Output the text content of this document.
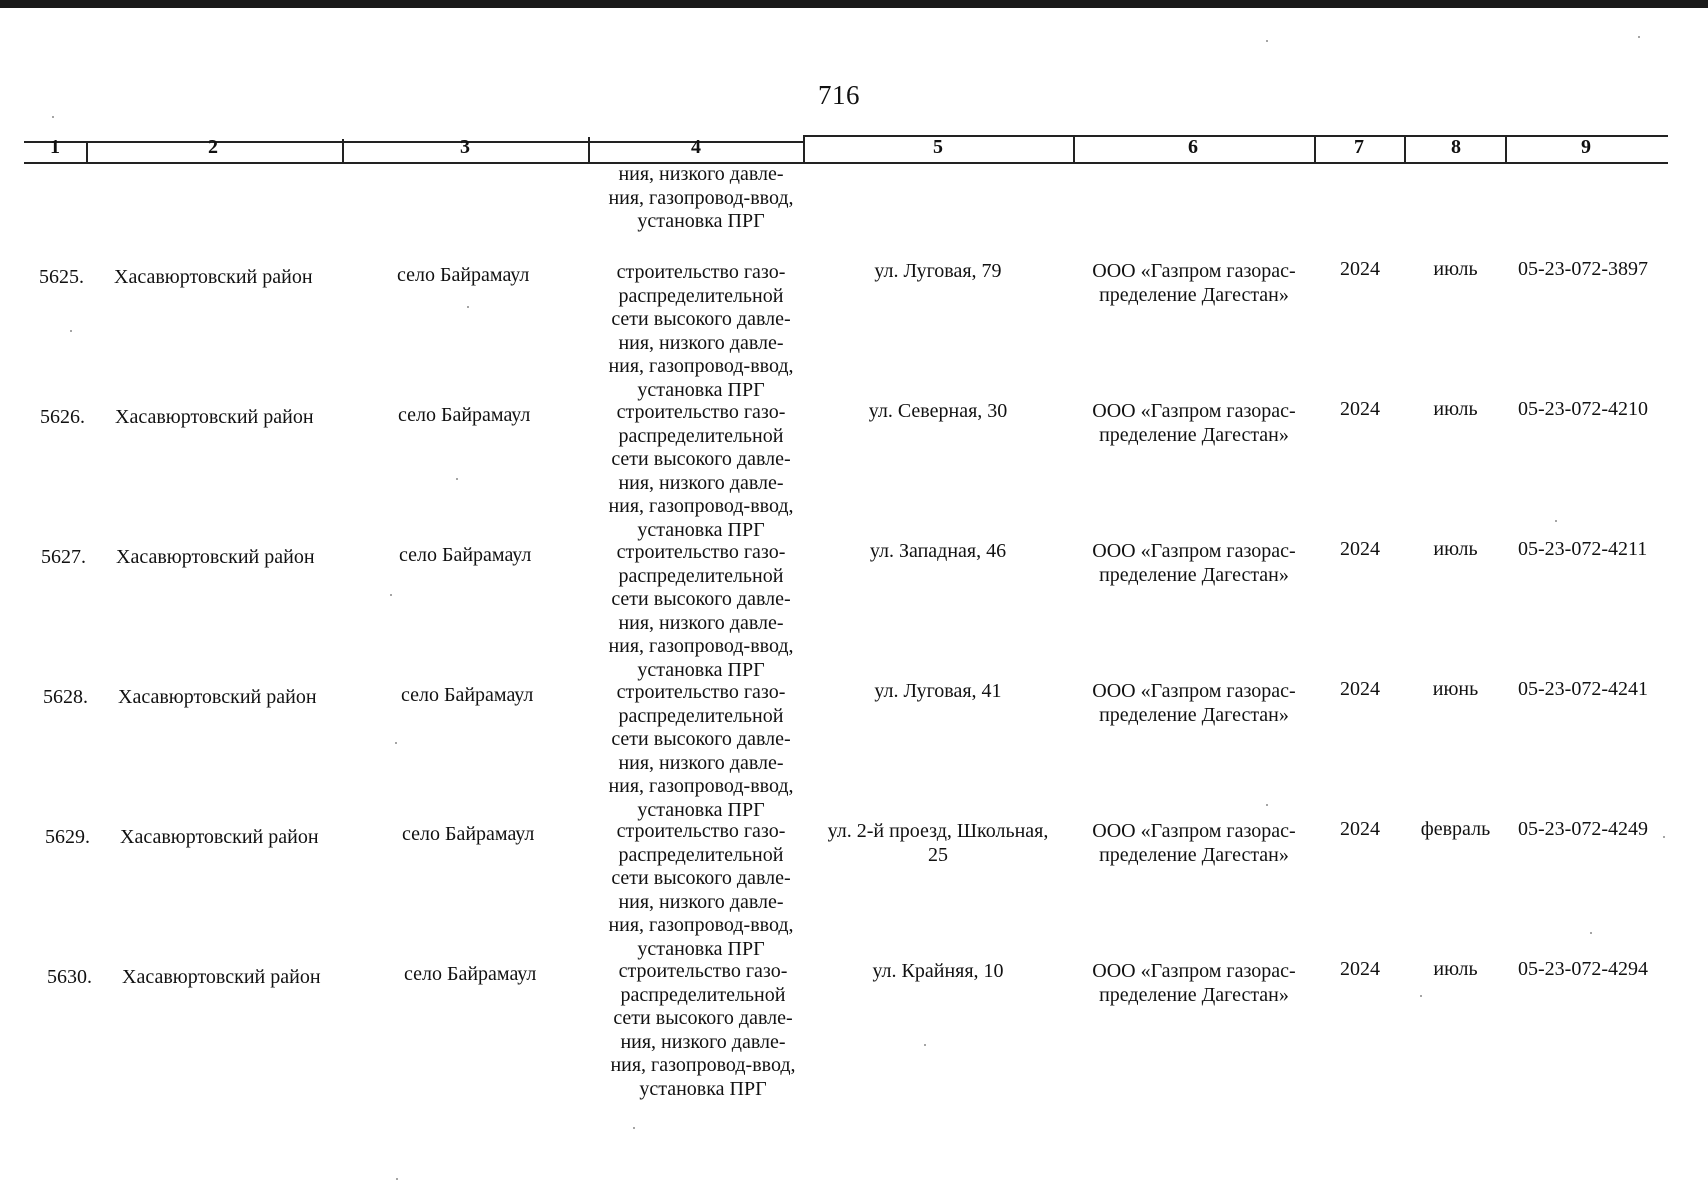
716
1	2	3	4	5	6	7	8	9
ния, низкого давле-
ния, газопровод-ввод,
установка ПРГ
5625. Хасавюртовский район	село Байрамаул	строительство газо-
распределительной
сети высокого давле-
ния, низкого давле-
ния, газопровод-ввод,
установка ПРГ
ул. Луговая, 79	ООО «Газпром газорас-
пределение Дагестан»
2024	июль	05-23-072-3897
5626. Хасавюртовский район	село Байрамаул	строительство газо-
распределительной
сети высокого давле-
ния, низкого давле-
ния, газопровод-ввод,
установка ПРГ
ул. Северная, 30	ООО «Газпром газорас-
пределение Дагестан»
2024	июль	05-23-072-4210
5627. Хасавюртовский район	село Байрамаул	строительство газо-
распределительной
сети высокого давле-
ния, низкого давле-
ния, газопровод-ввод,
установка ПРГ
ул. Западная, 46	ООО «Газпром газорас-
пределение Дагестан»
2024	июль	05-23-072-4211
5628. Хасавюртовский район	село Байрамаул	строительство газо-
распределительной
сети высокого давле-
ния, низкого давле-
ния, газопровод-ввод,
установка ПРГ
ул. Луговая, 41	ООО «Газпром газорас-
пределение Дагестан»
2024	июнь	05-23-072-4241
5629. Хасавюртовский район	село Байрамаул	строительство газо-
распределительной
сети высокого давле-
ния, низкого давле-
ния, газопровод-ввод,
установка ПРГ
ул. 2-й проезд, Школьная,
25
ООО «Газпром газорас-
пределение Дагестан»
2024	февраль	05-23-072-4249
5630. Хасавюртовский район	село Байрамаул	строительство газо-
распределительной
сети высокого давле-
ния, низкого давле-
ния, газопровод-ввод,
установка ПРГ
ул. Крайняя, 10	ООО «Газпром газорас-
пределение Дагестан»
2024	июль	05-23-072-4294
